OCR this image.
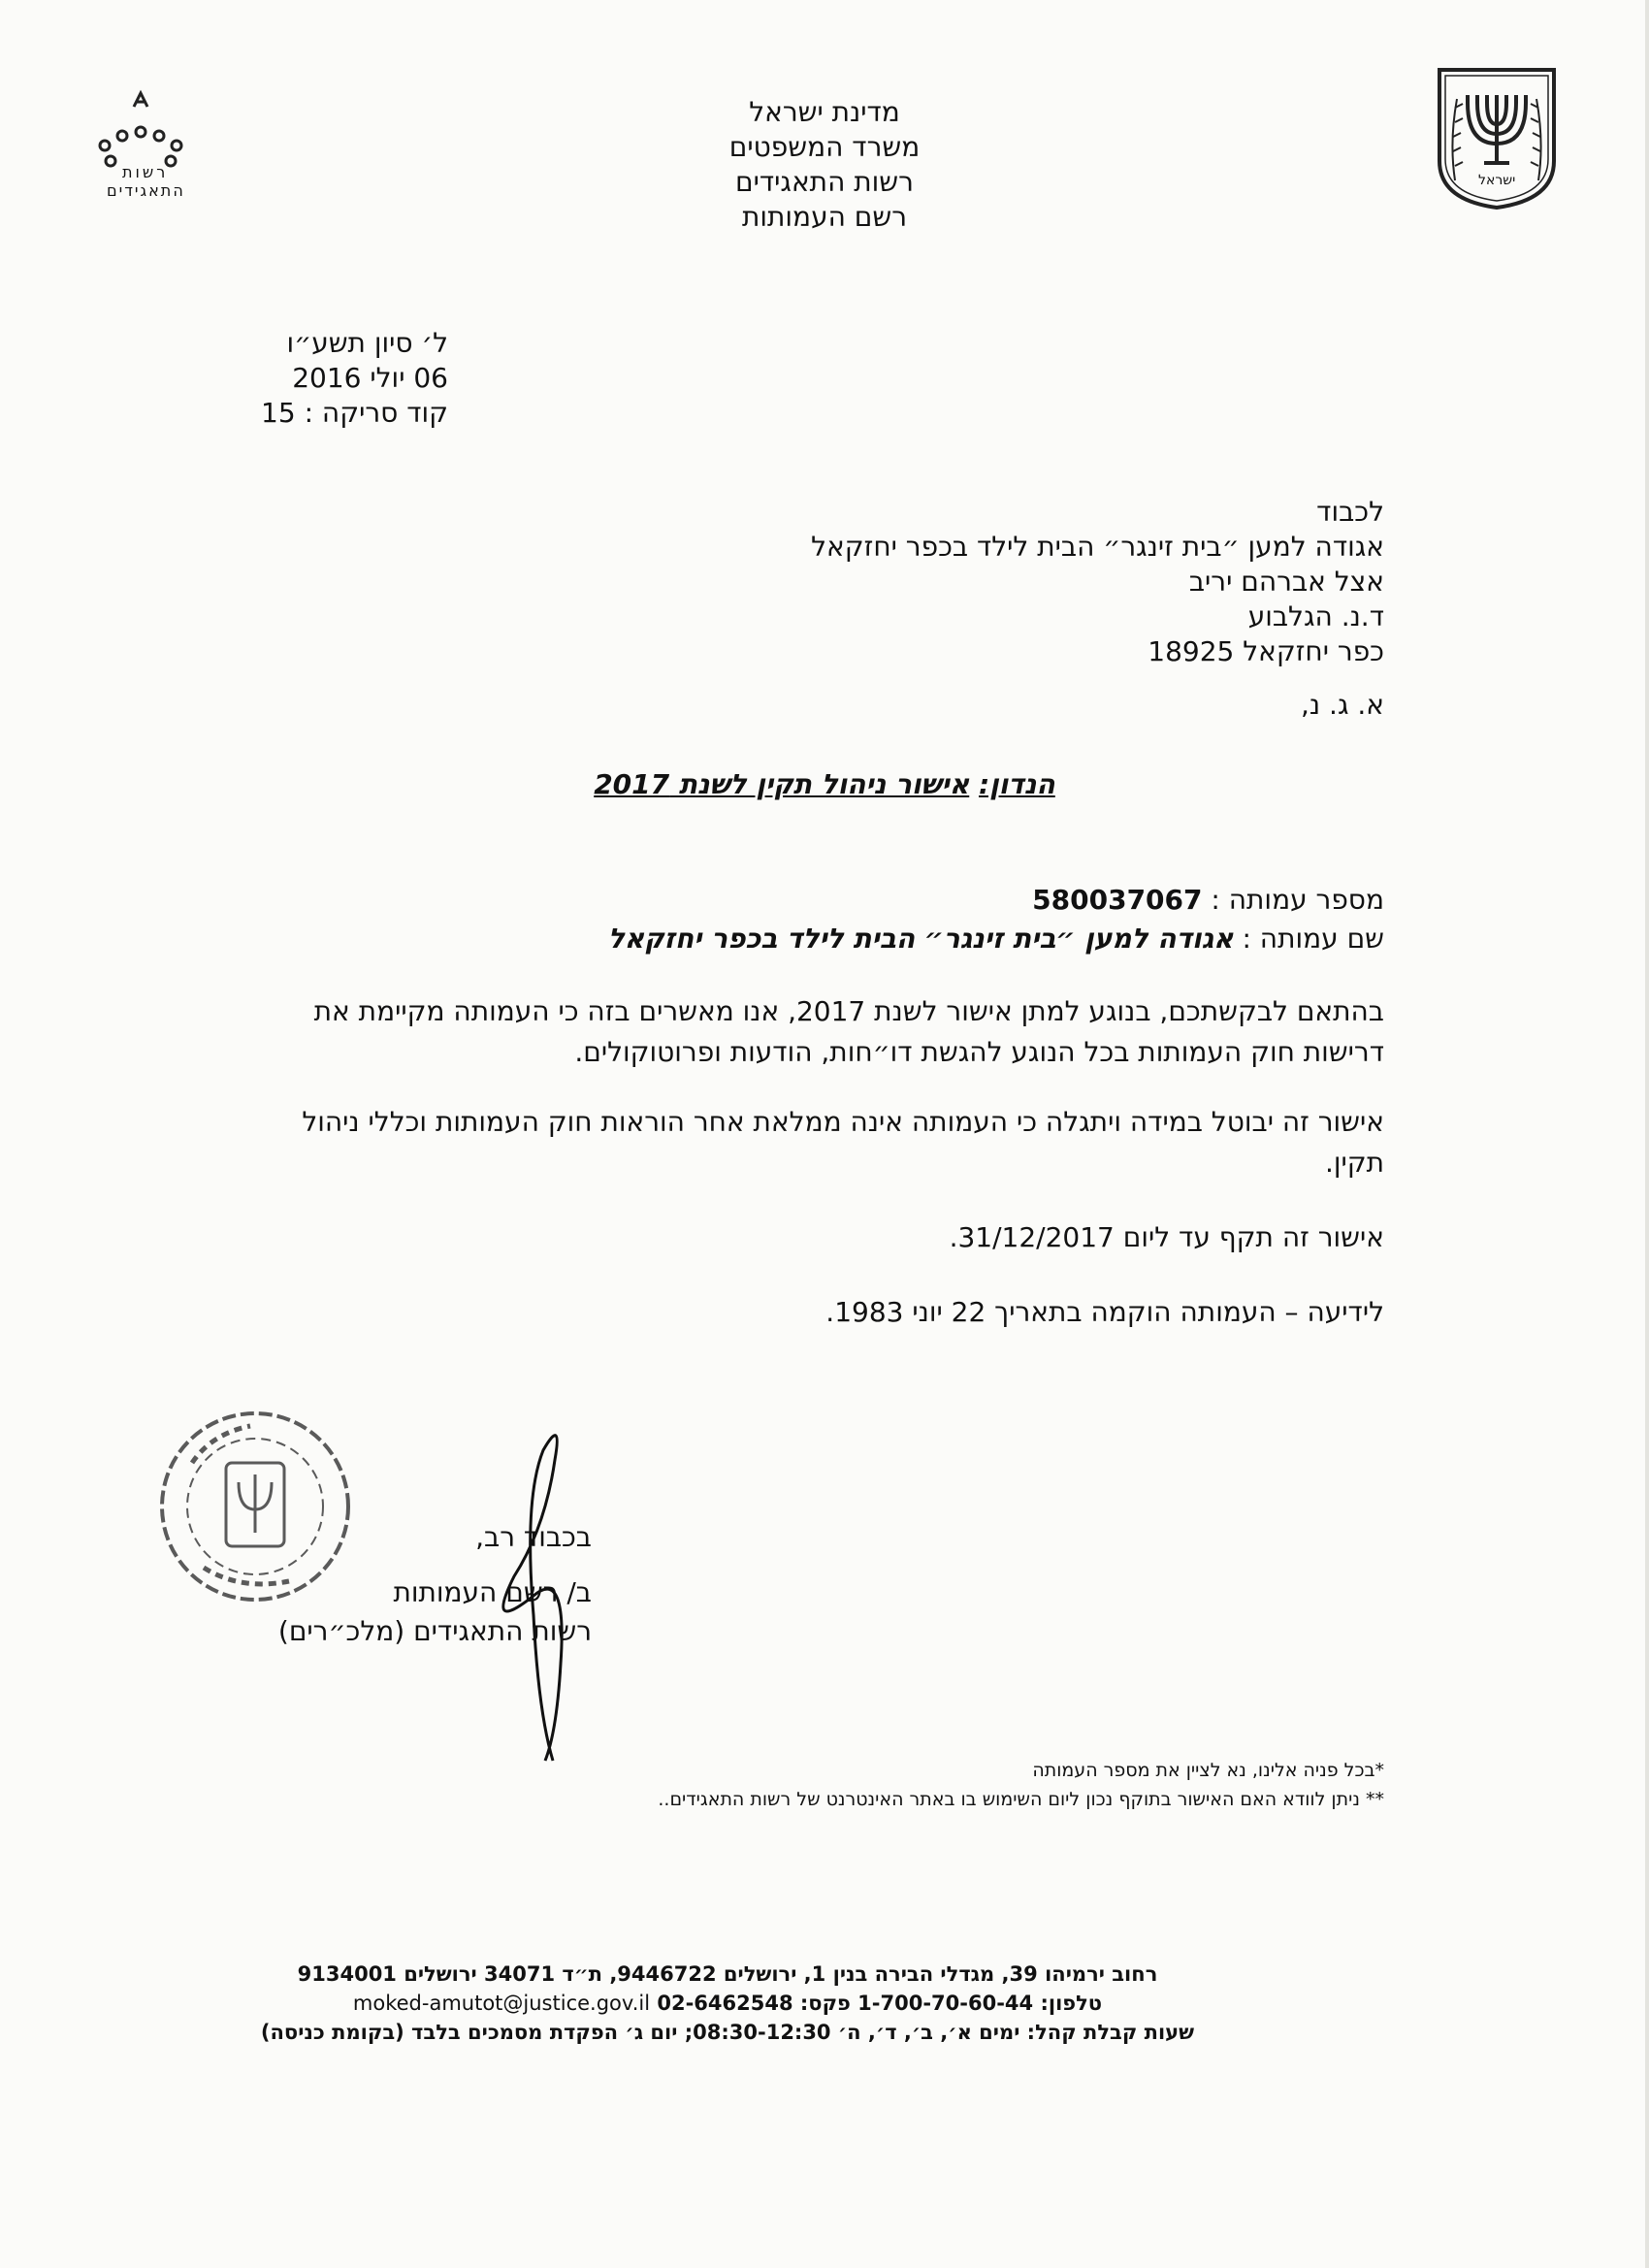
רשות
התאגידים
מדינת ישראל
משרד המשפטים
רשות התאגידים
רשם העמותות
ישראל
ל׳ סיון תשע״ו
06 יולי 2016
קוד סריקה : 15
לכבוד
אגודה למען ״בית זינגר״ הבית לילד בכפר יחזקאל
אצל אברהם יריב
ד.נ. הגלבוע
כפר יחזקאל 18925
א. ג. נ,
הנדון: אישור ניהול תקין לשנת 2017
מספר עמותה : 580037067
שם עמותה : אגודה למען ״בית זינגר״ הבית לילד בכפר יחזקאל
בהתאם לבקשתכם, בנוגע למתן אישור לשנת 2017, אנו מאשרים בזה כי העמותה מקיימת את דרישות חוק העמותות בכל הנוגע להגשת דו״חות, הודעות ופרוטוקולים.
אישור זה יבוטל במידה ויתגלה כי העמותה אינה ממלאת אחר הוראות חוק העמותות וכללי ניהול תקין.
אישור זה תקף עד ליום 31/12/2017.
לידיעה – העמותה הוקמה בתאריך 22 יוני 1983.
בכבוד רב,
ב/ רשם העמותות
רשות התאגידים (מלכ״רים)
*בכל פניה אלינו, נא לציין את מספר העמותה
** ניתן לוודא האם האישור בתוקף נכון ליום השימוש בו באתר האינטרנט של רשות התאגידים..
רחוב ירמיהו 39, מגדלי הבירה בנין 1, ירושלים 9446722, ת״ד 34071 ירושלים 9134001
טלפון: 1-700-70-60-44 פקס: 02-6462548 moked-amutot@justice.gov.il
שעות קבלת קהל: ימים א׳, ב׳, ד׳, ה׳ 08:30-12:30; יום ג׳ הפקדת מסמכים בלבד (בקומת כניסה)
